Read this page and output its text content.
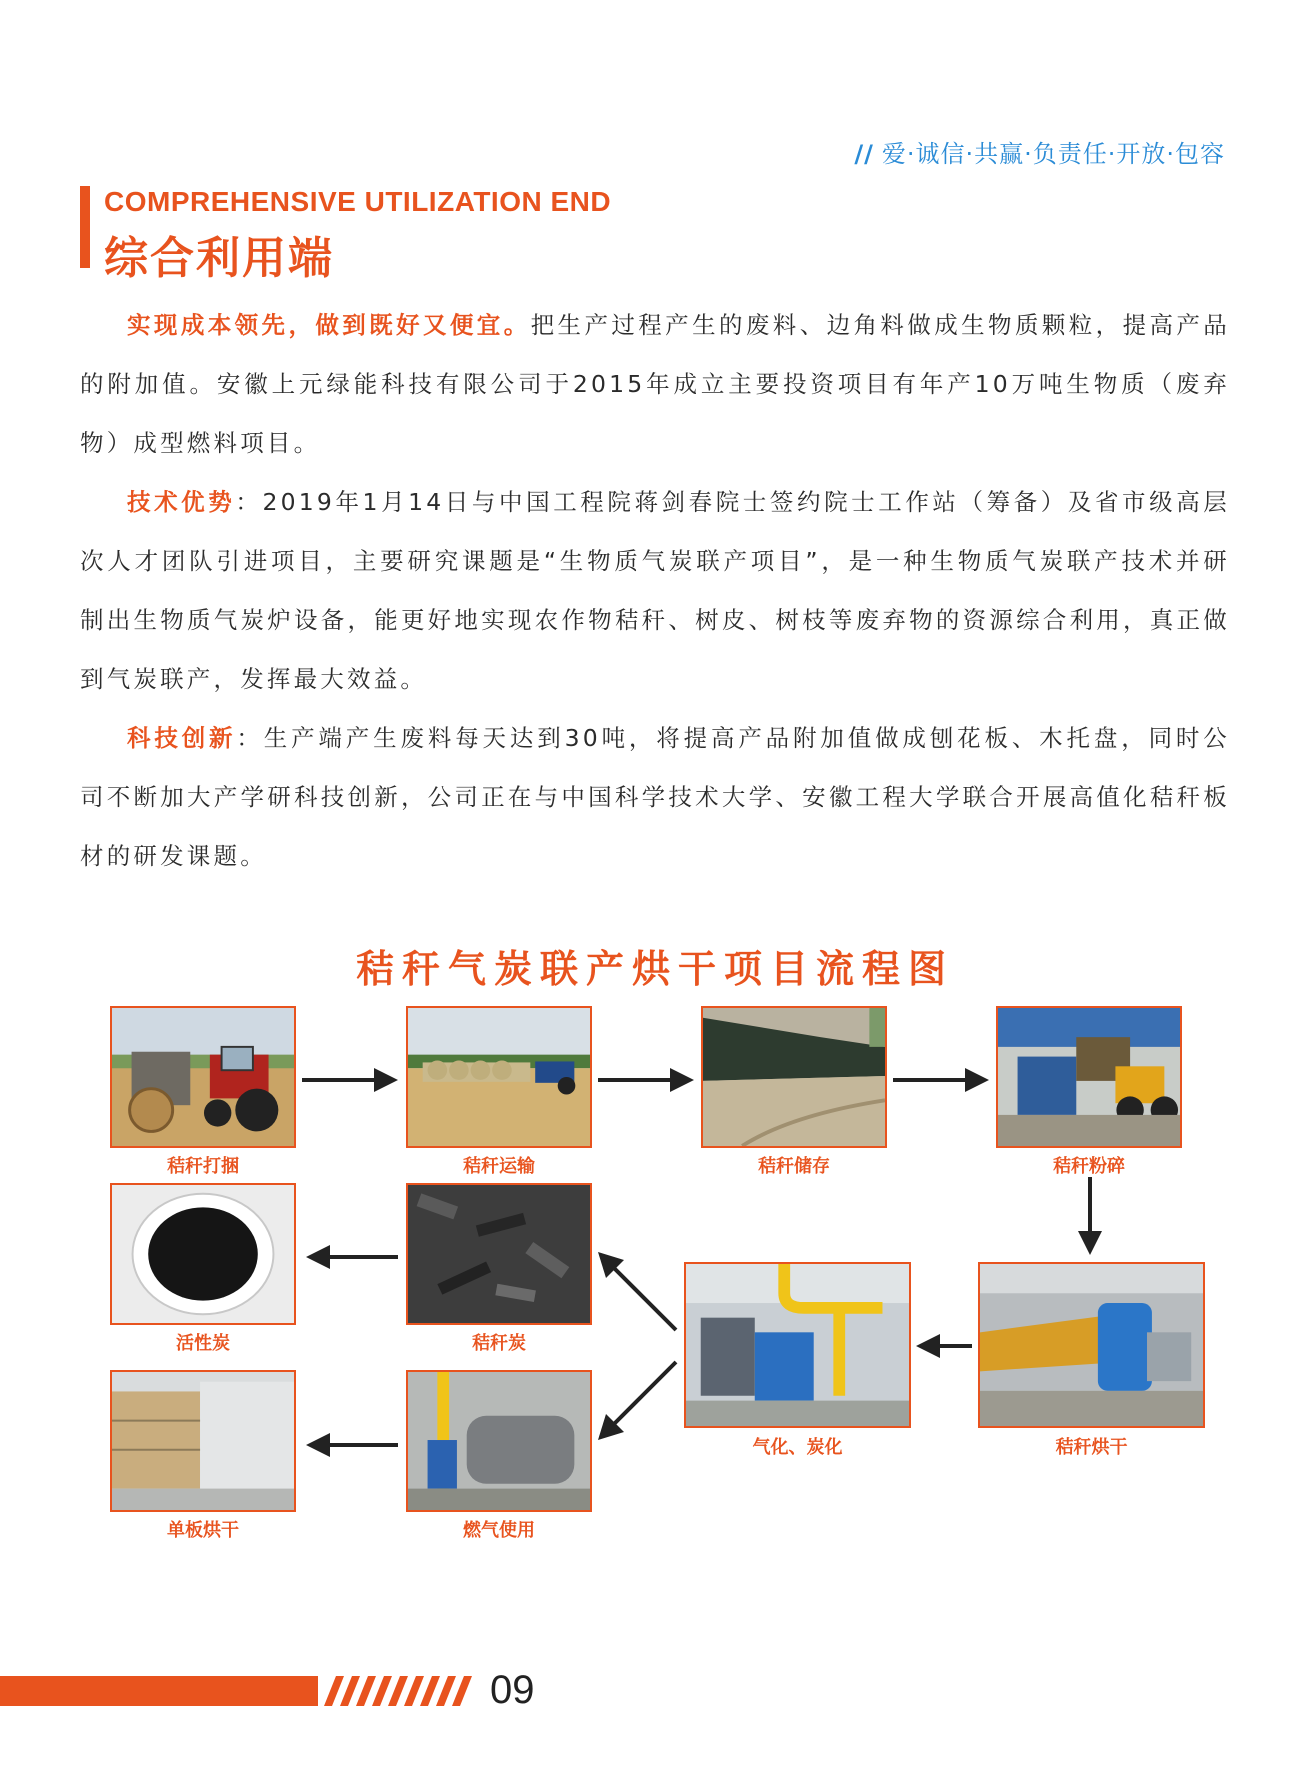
// 爱·诚信·共赢·负责任·开放·包容
COMPREHENSIVE UTILIZATION END
综合利用端

实现成本领先，做到既好又便宜。把生产过程产生的废料、边角料做成生物质颗粒，提高产品的附加值。安徽上元绿能科技有限公司于2015年成立主要投资项目有年产10万吨生物质（废弃物）成型燃料项目。

技术优势：2019年1月14日与中国工程院蒋剑春院士签约院士工作站（筹备）及省市级高层次人才团队引进项目，主要研究课题是“生物质气炭联产项目”，是一种生物质气炭联产技术并研制出生物质气炭炉设备，能更好地实现农作物秸秆、树皮、树枝等废弃物的资源综合利用，真正做到气炭联产，发挥最大效益。

科技创新：生产端产生废料每天达到30吨，将提高产品附加值做成刨花板、木托盘，同时公司不断加大产学研科技创新，公司正在与中国科学技术大学、安徽工程大学联合开展高值化秸秆板材的研发课题。

秸秆气炭联产烘干项目流程图
秸秆打捆	秸秆运输	秸秆储存	秸秆粉碎
活性炭	秸秆炭
气化、炭化	秸秆烘干
单板烘干	燃气使用
09
